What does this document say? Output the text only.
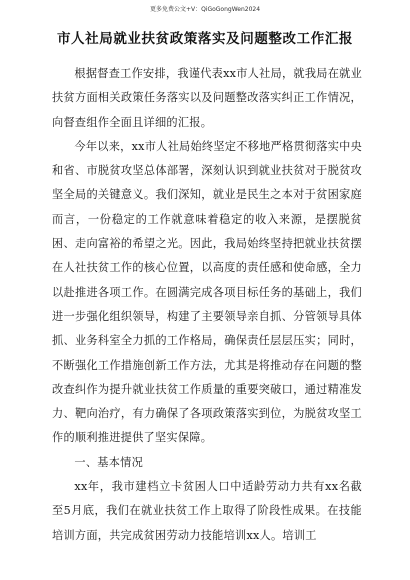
更多免费公文+V：QiGoGongWen2024
市人社局就业扶贫政策落实及问题整改工作汇报

根据督查工作安排，我谨代表xx市人社局，就我局在就业扶贫方面相关政策任务落实以及问题整改落实纠正工作情况，向督查组作全面且详细的汇报。

今年以来，xx市人社局始终坚定不移地严格贯彻落实中央和省、市脱贫攻坚总体部署，深刻认识到就业扶贫对于脱贫攻坚全局的关键意义。我们深知，就业是民生之本对于贫困家庭而言，一份稳定的工作就意味着稳定的收入来源，是摆脱贫困、走向富裕的希望之光。因此，我局始终坚持把就业扶贫摆在人社扶贫工作的核心位置，以高度的责任感和使命感，全力以赴推进各项工作。在圆满完成各项目标任务的基础上，我们进一步强化组织领导，构建了主要领导亲自抓、分管领导具体抓、业务科室全力抓的工作格局，确保责任层层压实；同时，不断强化工作措施创新工作方法，尤其是将推动存在问题的整改查纠作为提升就业扶贫工作质量的重要突破口，通过精准发力、靶向治疗，有力确保了各项政策落实到位，为脱贫攻坚工作的顺利推进提供了坚实保障。

一、基本情况

xx年，我市建档立卡贫困人口中适龄劳动力共有xx名截至5月底，我们在就业扶贫工作上取得了阶段性成果。在技能培训方面，共完成贫困劳动力技能培训xx人。培训工
